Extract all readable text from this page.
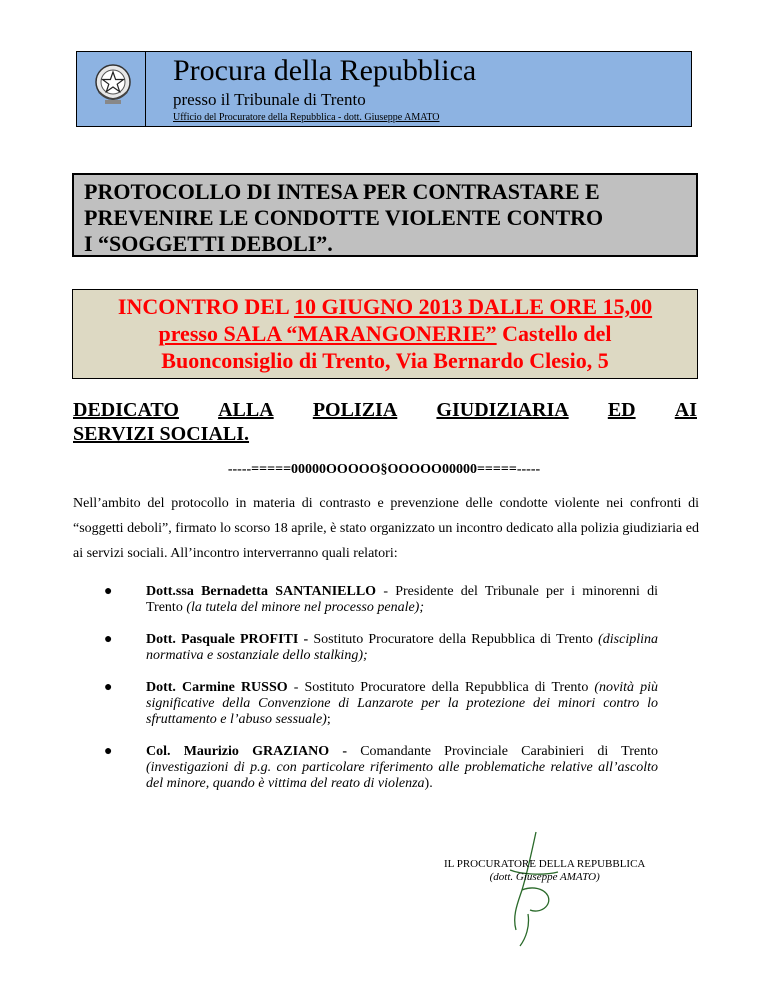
Procura della Repubblica
presso il Tribunale di Trento
Ufficio del Procuratore della Repubblica - dott. Giuseppe AMATO
PROTOCOLLO DI INTESA PER CONTRASTARE E
PREVENIRE LE CONDOTTE VIOLENTE CONTRO
I “SOGGETTI DEBOLI”.
INCONTRO DEL 10 GIUGNO 2013 DALLE ORE 15,00
presso SALA “MARANGONERIE” Castello del
Buonconsiglio di Trento, Via Bernardo Clesio, 5
DEDICATO ALLA POLIZIA GIUDIZIARIA ED AI
SERVIZI SOCIALI.
-----=====00000OOOOO§OOOOO00000=====-----
Nell’ambito del protocollo in materia di contrasto e prevenzione delle condotte violente nei confronti di “soggetti deboli”, firmato lo scorso 18 aprile, è stato organizzato un incontro dedicato alla polizia giudiziaria ed ai servizi sociali. All’incontro interverranno quali relatori:
● Dott.ssa Bernadetta SANTANIELLO - Presidente del Tribunale per i minorenni di Trento (la tutela del minore nel processo penale);
● Dott. Pasquale PROFITI - Sostituto Procuratore della Repubblica di Trento (disciplina normativa e sostanziale dello stalking);
● Dott. Carmine RUSSO - Sostituto Procuratore della Repubblica di Trento (novità più significative della Convenzione di Lanzarote per la protezione dei minori contro lo sfruttamento e l’abuso sessuale);
● Col. Maurizio GRAZIANO - Comandante Provinciale Carabinieri di Trento (investigazioni di p.g. con particolare riferimento alle problematiche relative all’ascolto del minore, quando è vittima del reato di violenza).
IL PROCURATORE DELLA REPUBBLICA
(dott. Giuseppe AMATO)
